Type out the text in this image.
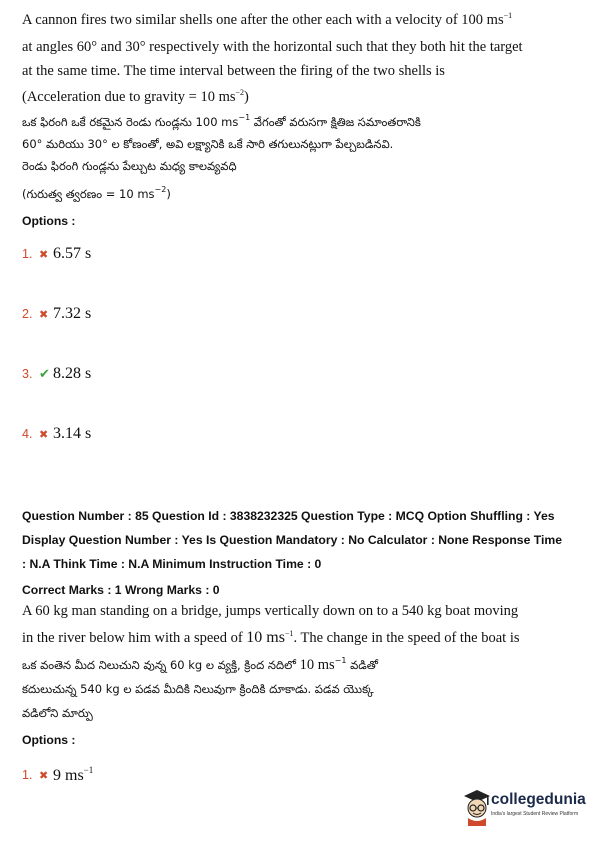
A cannon fires two similar shells one after the other each with a velocity of 100 $ms^{-1}$
at angles 60° and 30° respectively with the horizontal such that they both hit the target
at the same time. The time interval between the firing of the two shells is
(Acceleration due to gravity = 10 $ms^{-2}$)
ఒక ఫిరంగి ఒకే రకమైన రెండు గుండ్లను 100 $ms^{-1}$ వేగంతో వరుసగా క్షితిజ సమాంతరానికి
60° మరియు 30° ల కోణంతో, అవి లక్ష్యానికి ఒకే సారి తగులునట్లుగా పేల్చబడినవి.
రెండు ఫిరంగి గుండ్లను పేల్చుట మధ్య కాలవ్యవధి
(గురుత్వ త్వరణం = 10 $ms^{-2}$)
Options :
1. ✖ 6.57 s
2. ✖ 7.32 s
3. ✔ 8.28 s
4. ✖ 3.14 s
Question Number : 85 Question Id : 3838232325 Question Type : MCQ Option Shuffling : Yes
Display Question Number : Yes Is Question Mandatory : No Calculator : None Response Time
: N.A Think Time : N.A Minimum Instruction Time : 0
Correct Marks : 1 Wrong Marks : 0
A 60 kg man standing on a bridge, jumps vertically down on to a 540 kg boat moving
in the river below him with a speed of 10 $ms^{-1}$. The change in the speed of the boat is
ఒక వంతెన మీద నిలుచుని వున్న 60 kg ల వ్యక్తి, క్రింద నదిలో 10 $ms^{-1}$ వడితో
కదులుచున్న 540 kg ల పడవ మీదికి నిలువుగా క్రిందికి దూకాడు. పడవ యొక్క
వడిలోని మార్పు
Options :
1. ✖ 9 $ms^{-1}$
collegedunia
India's largest Student Review Platform
